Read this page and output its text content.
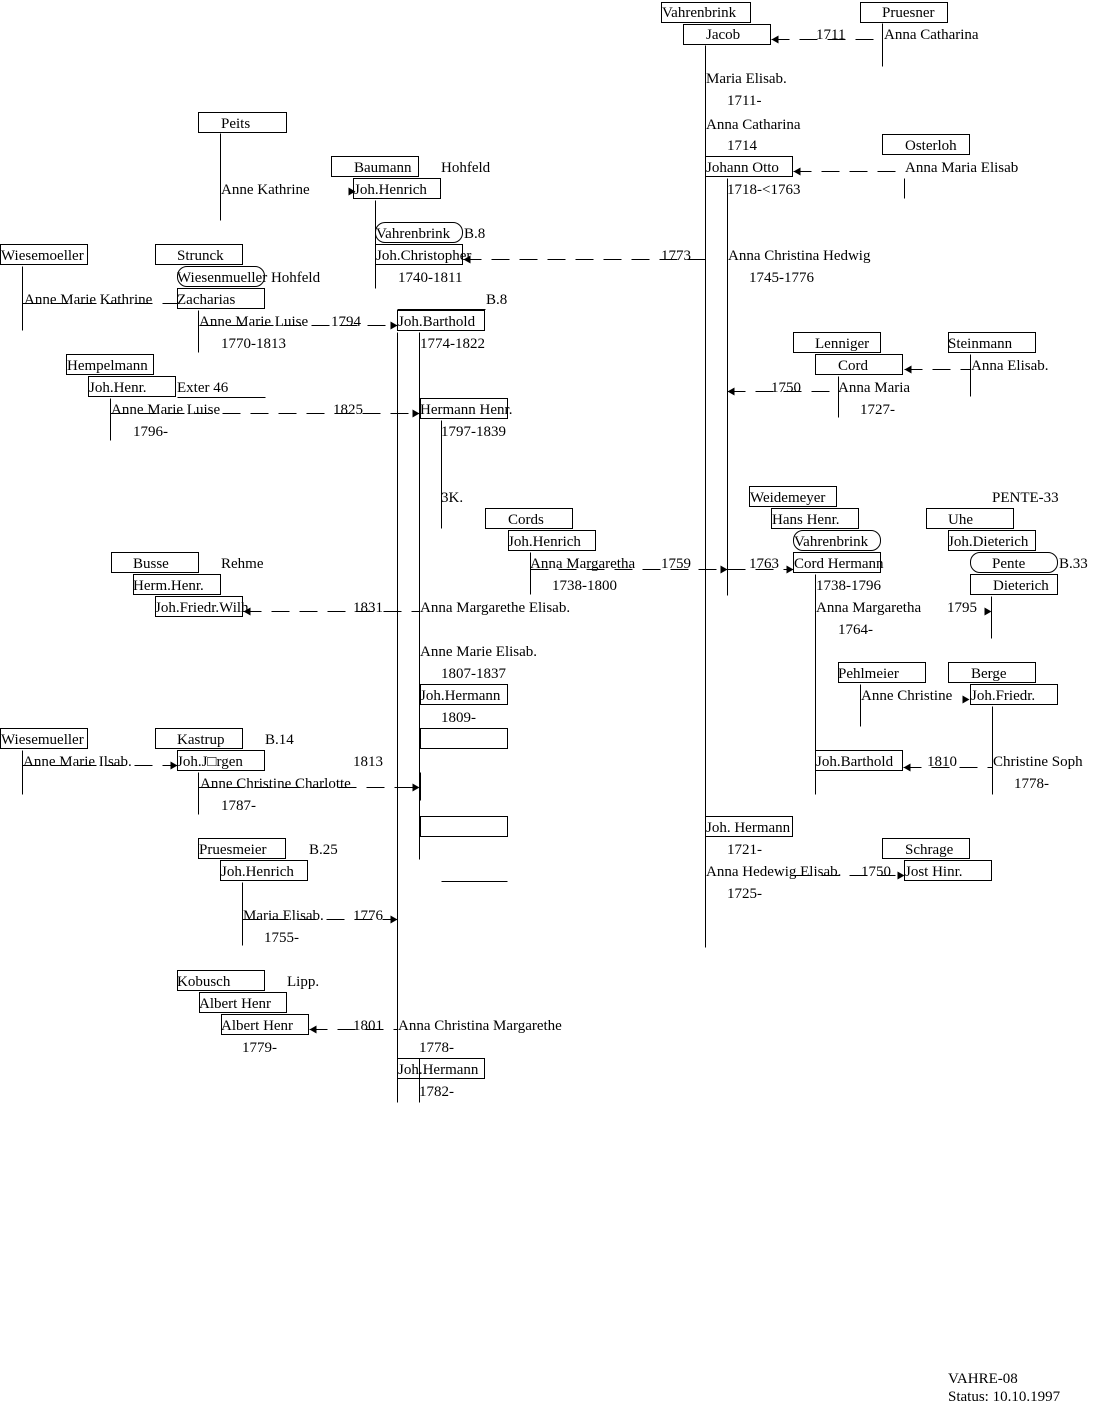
Vahrenbrink	Pruesner
Jacob	1711	Anna Catharina
Maria Elisab.
1711-
Anna Catharina
1714
Peits
Osterloh
Baumann Hohfeld	Johann Otto	Anna Maria Elisab
Anne Kathrine	Joh.Henrich	1718-<1763
Vahrenbrink B.8
Wiesemoeller	Strunck	Joh.Christopher	1773 Anna Christina Hedwig
Wiesenmueller Hohfeld	1740-1811	1745-1776
Anne Marie Kathrine Zacharias	B.8
Anne Marie Luise 1794 Joh.Barthold
1770-1813	1774-1822	Lenniger	Steinmann
Hempelmann	Cord	Anna Elisab.
Joh.Henr. Exter 46	1750 Anna Maria
Anne Marie Luise	1825	Hermann Henr.	1727-
1796-	1797-1839
3K.	Weidemeyer	PENTE-33
Cords	Hans Henr.	Uhe
Joh.Henrich	Vahrenbrink	Joh.Dieterich
Busse	Rehme	Anna Margaretha 1759	1763 Cord Hermann	Pente B.33
Herm.Henr.	1738-1800	1738-1796	Dieterich
Joh.Friedr.Wilh	1831 Anna Margarethe Elisab.	Anna Margaretha 1795
1764-
Anne Marie Elisab.
Pehlmeier	Berge
1807-1837
Anne Christine Joh.Friedr.
Joh.Hermann
1809-
Wiesemueller	Kastrup	B.14
Anne Marie Ilsab.	Joh.J□rgen	1813	Joh.Barthold 1810 Christine Soph
Anne Christine Charlotte	1778-
1787-
Joh. Hermann
Pruesmeier	B.25	1721-	Schrage
Joh.Henrich	Anna Hedewig Elisab. 1750 Jost Hinr.
1725-
Maria Elisab. 1776
1755-
Kobusch	Lipp.
Albert Henr
Albert Henr	1801 Anna Christina Margarethe
1779-	1778-
Joh.Hermann
1782-
VAHRE-08
Status: 10.10.1997
